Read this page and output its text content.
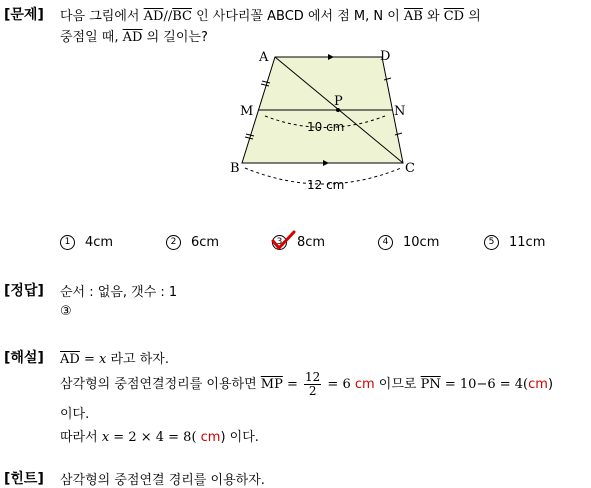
[문제] 다음 그림에서 $\overline{AD}//\overline{BC}$ 인 사다리꼴 ABCD 에서 점 M, N 이 $\overline{AB}$ 와 $\overline{CD}$ 의
중점일 때, $\overline{AD}$ 의 길이는?
A	D
M
P
N
B	C
10 cm
12 cm
1 4cm	2 6cm	3 8cm	4 10cm	5 11cm
[정답] 순서 : 없음, 갯수 : 1
③
[해설] $\overline{AD} = x$ 라고 하자.
삼각형의 중점연결정리를 이용하면 $\overline{MP} = \frac{12}{2} = 6$ cm 이므로 $\overline{PN} = 10-6 = 4(cm)$
이다.
따라서 x = 2 × 4 = 8( cm) 이다.
[힌트] 삼각형의 중점연결 경리를 이용하자.
